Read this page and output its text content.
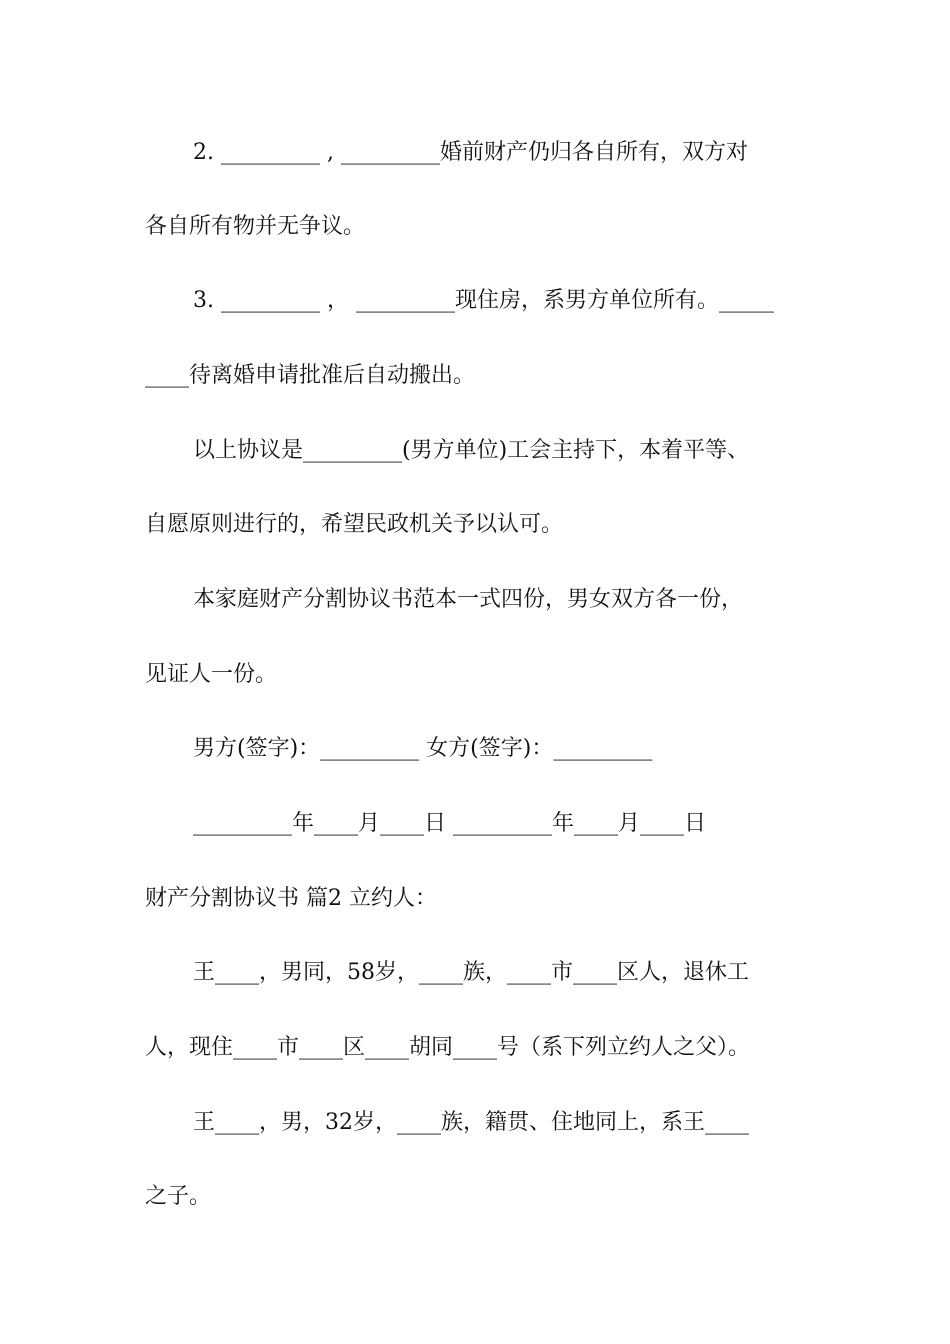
2. _________ , _________婚前财产仍归各自所有，双方对
各自所有物并无争议。
3. _________ ， _________现住房，系男方单位所有。_____
____待离婚申请批准后自动搬出。
以上协议是_________(男方单位)工会主持下，本着平等、
自愿原则进行的，希望民政机关予以认可。
本家庭财产分割协议书范本一式四份，男女双方各一份，
见证人一份。
男方(签字)：_________ 女方(签字)：_________
_________年____月____日 _________年____月____日
财产分割协议书 篇2 立约人：
王____，男同，58岁，____族，____市____区人，退休工
人，现住____市____区____胡同____号（系下列立约人之父）。
王____，男，32岁，____族，籍贯、住地同上，系王____
之子。
